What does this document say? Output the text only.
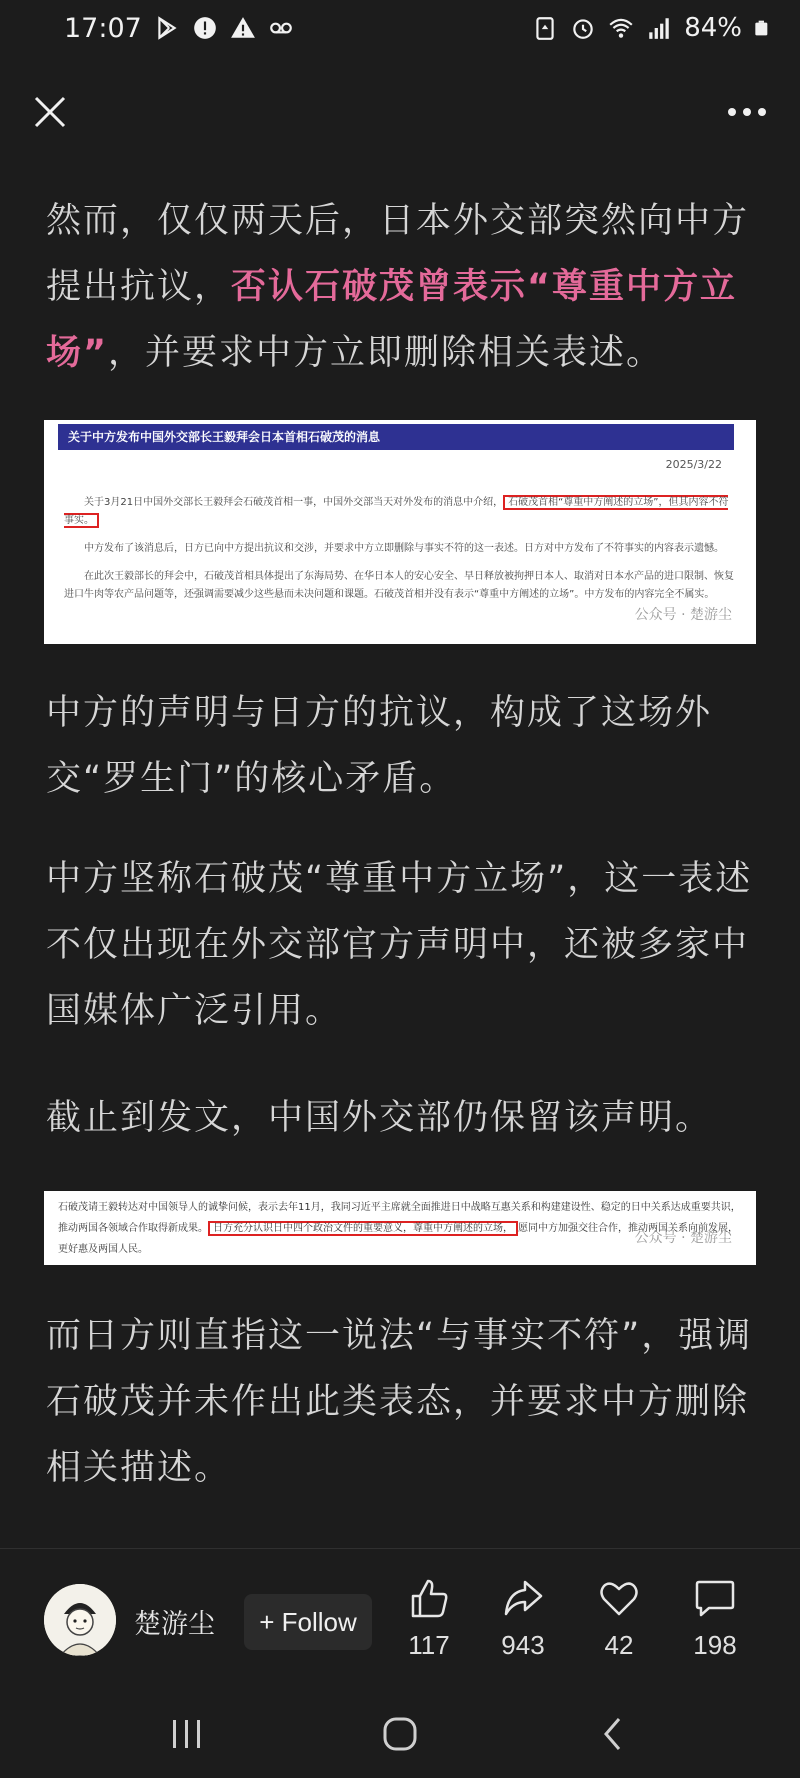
17:07	84%

然而，仅仅两天后，日本外交部突然向中方提出抗议，否认石破茂曾表示“尊重中方立场”，并要求中方立即删除相关表述。

关于中方发布中国外交部长王毅拜会日本首相石破茂的消息
2025/3/22

关于3月21日中国外交部长王毅拜会石破茂首相一事，中国外交部当天对外发布的消息中介绍， 石破茂首相“尊重中方阐述的立场”，但其内容不符事实。

中方发布了该消息后，日方已向中方提出抗议和交涉，并要求中方立即删除与事实不符的这一表述。日方对中方发布了不符事实的内容表示遗憾。

在此次王毅部长的拜会中，石破茂首相具体提出了东海局势、在华日本人的安心安全、早日释放被拘押日本人、取消对日本水产品的进口限制、恢复进口牛肉等农产品问题等，还强调需要减少这些悬而未决问题和课题。石破茂首相并没有表示“尊重中方阐述的立场”。中方发布的内容完全不属实。

公众号 · 楚游尘

中方的声明与日方的抗议，构成了这场外交“罗生门”的核心矛盾。

中方坚称石破茂“尊重中方立场”，这一表述不仅出现在外交部官方声明中，还被多家中国媒体广泛引用。

截止到发文，中国外交部仍保留该声明。

石破茂请王毅转达对中国领导人的诚挚问候，表示去年11月，我同习近平主席就全面推进日中战略互惠关系和构建建设性、稳定的日中关系达成重要共识，推动两国各领域合作取得新成果。 日方充分认识日中四个政治文件的重要意义，尊重中方阐述的立场， 愿同中方加强交往合作，推动两国关系向前发展，更好惠及两国人民。
公众号 · 楚游尘

而日方则直指这一说法“与事实不符”，强调石破茂并未作出此类表态，并要求中方删除相关描述。

楚游尘	+ Follow
117	943	42	198
